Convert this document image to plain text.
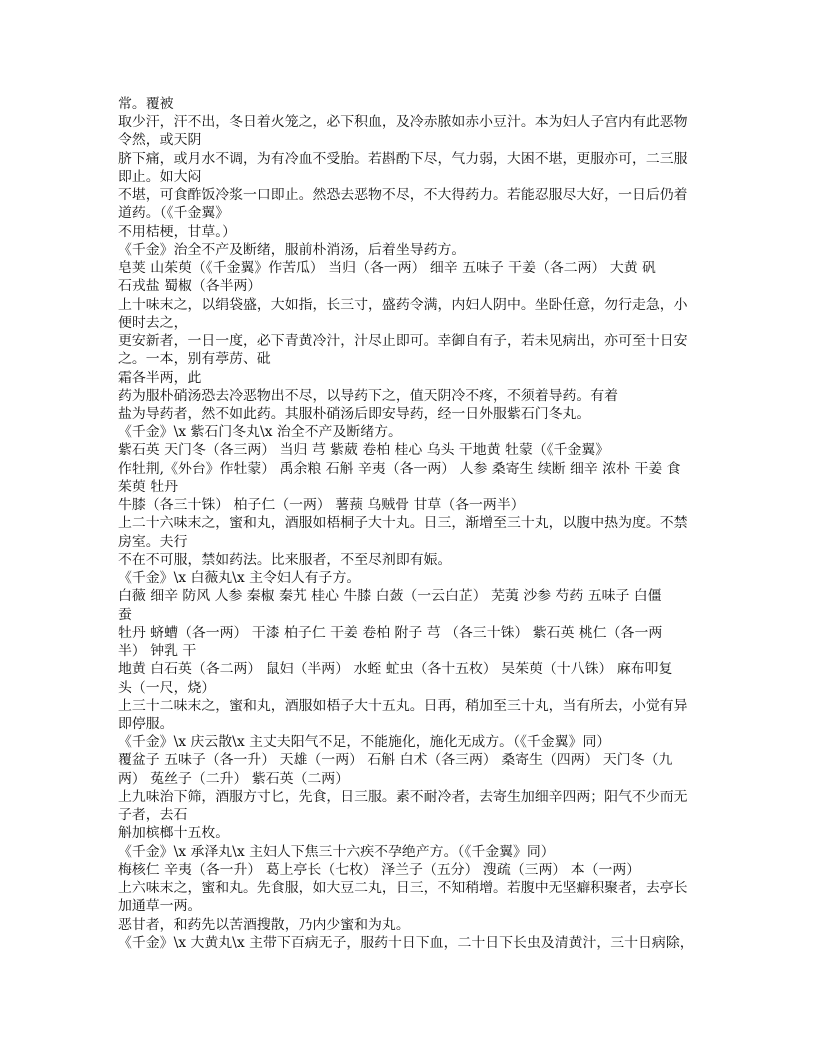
常。覆被
取少汗，汗不出，冬日着火笼之，必下积血，及冷赤脓如赤小豆汁。本为妇人子宫内有此恶物
令然，或天阴
脐下痛，或月水不调，为有冷血不受胎。若斟酌下尽，气力弱，大困不堪，更服亦可，二三服
即止。如大闷
不堪，可食酢饭冷浆一口即止。然恐去恶物不尽，不大得药力。若能忍服尽大好，一日后仍着
道药。（《千金翼》
不用桔梗，甘草。）
《千金》治全不产及断绪，服前朴消汤，后着坐导药方。
皂荚 山茱萸（《千金翼》作苦瓜） 当归（各一两） 细辛 五味子 干姜（各二两） 大黄 矾
石戎盐 蜀椒（各半两）
上十味末之，以绢袋盛，大如指，长三寸，盛药令满，内妇人阴中。坐卧任意，勿行走急，小
便时去之，
更安新者，一日一度，必下青黄冷汁，汁尽止即可。幸御自有子，若未见病出，亦可至十日安
之。一本，别有葶苈、砒
霜各半两，此
药为服朴硝汤恐去冷恶物出不尽，以导药下之，值天阴冷不疼，不须着导药。有着
盐为导药者，然不如此药。其服朴硝汤后即安导药，经一日外服紫石门冬丸。
《千金》\x 紫石门冬丸\x 治全不产及断绪方。
紫石英 天门冬（各三两） 当归 芎 紫葳 卷柏 桂心 乌头 干地黄 牡蒙（《千金翼》
作牡荆,《外台》作牡蒙） 禹余粮 石斛 辛夷（各一两） 人参 桑寄生 续断 细辛 浓朴 干姜 食
茱萸 牡丹
牛膝（各三十铢） 柏子仁（一两） 薯蓣 乌贼骨 甘草（各一两半）
上二十六味末之，蜜和丸，酒服如梧桐子大十丸。日三，渐增至三十丸，以腹中热为度。不禁
房室。夫行
不在不可服，禁如药法。比来服者，不至尽剂即有娠。
《千金》\x 白薇丸\x 主令妇人有子方。
白薇 细辛 防风 人参 秦椒 秦艽 桂心 牛膝 白蔹（一云白芷） 芜荑 沙参 芍药 五味子 白僵
蚕
牡丹 蛴螬（各一两） 干漆 柏子仁 干姜 卷柏 附子 芎 （各三十铢） 紫石英 桃仁（各一两
半） 钟乳 干
地黄 白石英（各二两） 鼠妇（半两） 水蛭 虻虫（各十五枚） 吴茱萸（十八铢） 麻布叩复
头（一尺，烧）
上三十二味末之，蜜和丸，酒服如梧子大十五丸。日再，稍加至三十丸，当有所去，小觉有异
即停服。
《千金》\x 庆云散\x 主丈夫阳气不足，不能施化，施化无成方。（《千金翼》同）
覆盆子 五味子（各一升） 天雄（一两） 石斛 白术（各三两） 桑寄生（四两） 天门冬（九
两） 菟丝子（二升） 紫石英（二两）
上九味治下筛，酒服方寸匕，先食，日三服。素不耐冷者，去寄生加细辛四两；阳气不少而无
子者，去石
斛加槟榔十五枚。
《千金》\x 承泽丸\x 主妇人下焦三十六疾不孕绝产方。（《千金翼》同）
梅核仁 辛夷（各一升） 葛上亭长（七枚） 泽兰子（五分） 溲疏（三两） 本（一两）
上六味末之，蜜和丸。先食服，如大豆二丸，日三，不知稍增。若腹中无坚癖积聚者，去亭长
加通草一两。
恶甘者，和药先以苦酒搜散，乃内少蜜和为丸。
《千金》\x 大黄丸\x 主带下百病无子，服药十日下血，二十日下长虫及清黄汁，三十日病除，
